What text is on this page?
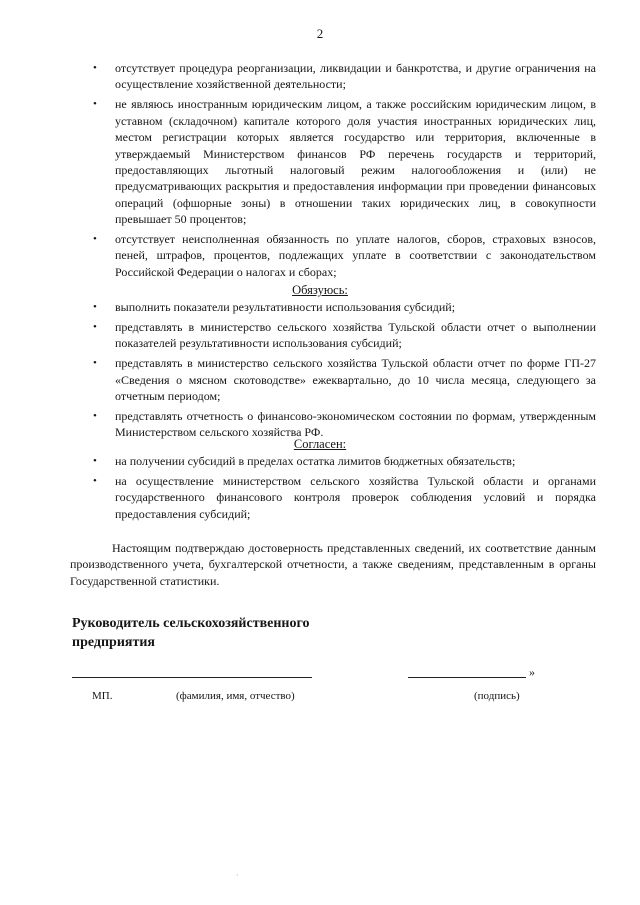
2
• отсутствует процедура реорганизации, ликвидации и банкротства, и другие ограничения на осуществление хозяйственной деятельности;
• не являюсь иностранным юридическим лицом, а также российским юридическим лицом, в уставном (складочном) капитале которого доля участия иностранных юридических лиц, местом регистрации которых является государство или территория, включенные в утверждаемый Министерством финансов РФ перечень государств и территорий, предоставляющих льготный налоговый режим налогообложения и (или) не предусматривающих раскрытия и предоставления информации при проведении финансовых операций (офшорные зоны) в отношении таких юридических лиц, в совокупности превышает 50 процентов;
• отсутствует неисполненная обязанность по уплате налогов, сборов, страховых взносов, пеней, штрафов, процентов, подлежащих уплате в соответствии с законодательством Российской Федерации о налогах и сборах;
Обязуюсь:
• выполнить показатели результативности использования субсидий;
• представлять в министерство сельского хозяйства Тульской области отчет о выполнении показателей результативности использования субсидий;
• представлять в министерство сельского хозяйства Тульской области отчет по форме ГП-27 «Сведения о мясном скотоводстве» ежеквартально, до 10 числа месяца, следующего за отчетным периодом;
• представлять отчетность о финансово-экономическом состоянии по формам, утвержденным Министерством сельского хозяйства РФ.
Согласен:
• на получении субсидий в пределах остатка лимитов бюджетных обязательств;
• на осуществление министерством сельского хозяйства Тульской области и органами государственного финансового контроля проверок соблюдения условий и порядка предоставления субсидий;
Настоящим подтверждаю достоверность представленных сведений, их соответствие данным производственного учета, бухгалтерской отчетности, а также сведениям, представленным в органы Государственной статистики.
Руководитель сельскохозяйственного
предприятия
»
МП.	(фамилия, имя, отчество)	(подпись)
·
